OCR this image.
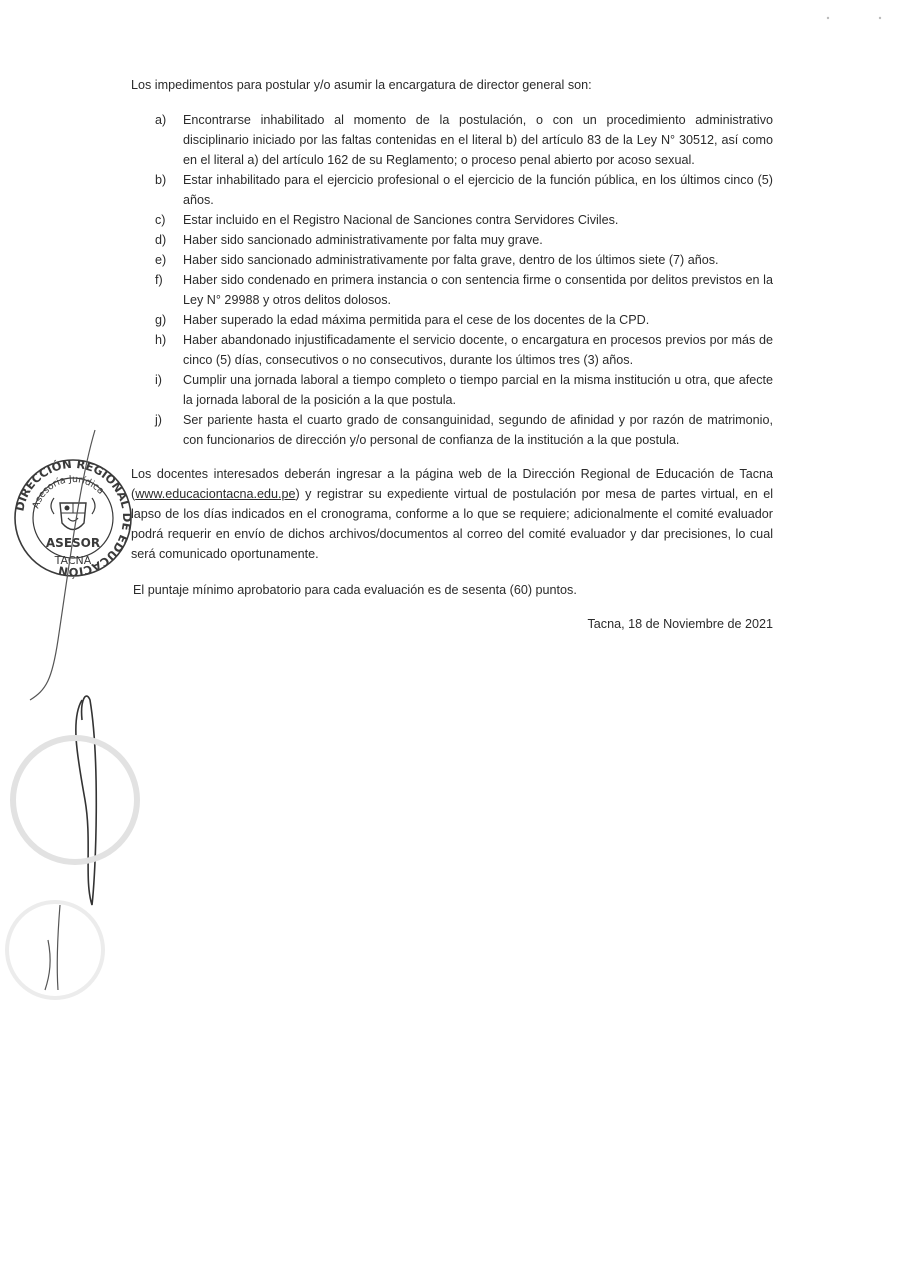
Los impedimentos para postular y/o asumir la encargatura de director general son:

a)	Encontrarse inhabilitado al momento de la postulación, o con un procedimiento administrativo disciplinario iniciado por las faltas contenidas en el literal b) del artículo 83 de la Ley N° 30512, así como en el literal a) del artículo 162 de su Reglamento; o proceso penal abierto por acoso sexual.
b)	Estar inhabilitado para el ejercicio profesional o el ejercicio de la función pública, en los últimos cinco (5) años.
c)	Estar incluido en el Registro Nacional de Sanciones contra Servidores Civiles.
d)	Haber sido sancionado administrativamente por falta muy grave.
e)	Haber sido sancionado administrativamente por falta grave, dentro de los últimos siete (7) años.
f)	Haber sido condenado en primera instancia o con sentencia firme o consentida por delitos previstos en la Ley N° 29988 y otros delitos dolosos.
g)	Haber superado la edad máxima permitida para el cese de los docentes de la CPD.
h)	Haber abandonado injustificadamente el servicio docente, o encargatura en procesos previos por más de cinco (5) días, consecutivos o no consecutivos, durante los últimos tres (3) años.
i)	Cumplir una jornada laboral a tiempo completo o tiempo parcial en la misma institución u otra, que afecte la jornada laboral de la posición a la que postula.
j)	Ser pariente hasta el cuarto grado de consanguinidad, segundo de afinidad y por razón de matrimonio, con funcionarios de dirección y/o personal de confianza de la institución a la que postula.

Los docentes interesados deberán ingresar a la página web de la Dirección Regional de Educación de Tacna (www.educaciontacna.edu.pe) y registrar su expediente virtual de postulación por mesa de partes virtual, en el lapso de los días indicados en el cronograma, conforme a lo que se requiere; adicionalmente el comité evaluador podrá requerir en envío de dichos archivos/documentos al correo del comité evaluador y dar precisiones, lo cual será comunicado oportunamente.

El puntaje mínimo aprobatorio para cada evaluación es de sesenta (60) puntos.

Tacna, 18 de Noviembre de 2021

DIRECCIÓN REGIONAL DE EDUCACIÓN
Asesoría Jurídica
ASESOR
TACNA
